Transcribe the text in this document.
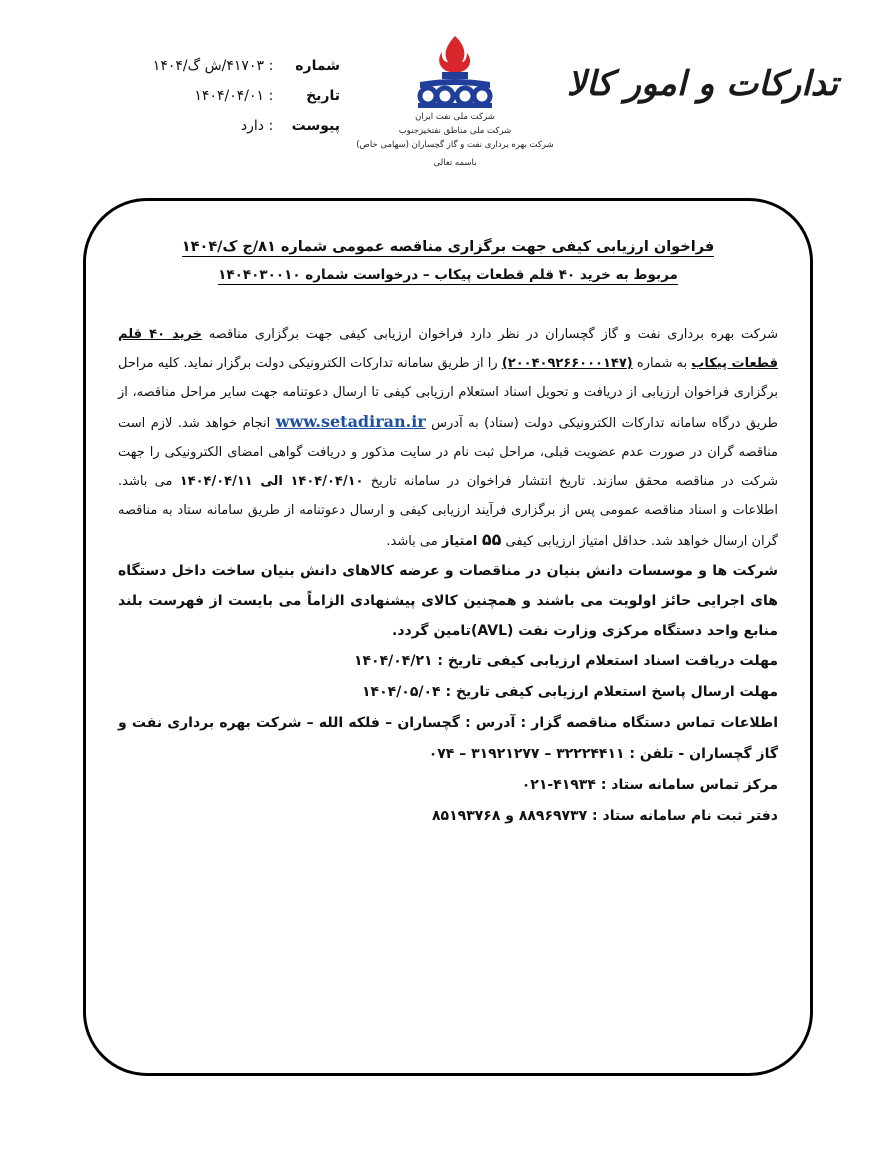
تدارکات و امور کالا
شرکت ملی نفت ایران
شرکت ملی مناطق نفتخیزجنوب
شرکت بهره برداری نفت و گاز گچساران (سهامی خاص)
باسمه تعالی
شماره
:
۴۱۷۰۳/ش گ/۱۴۰۴
تاریخ
:
۱۴۰۴/۰۴/۰۱
پیوست
:
دارد
فراخوان ارزیابی کیفی جهت برگزاری مناقصه عمومی شماره ۸۱/ج ک/۱۴۰۴
مربوط به خرید ۴۰ قلم قطعات پیکاب – درخواست شماره ۱۴۰۴۰۳۰۰۱۰

شرکت بهره برداری نفت و گاز گچساران در نظر دارد فراخوان ارزیابی کیفی جهت برگزاری مناقصه خرید ۴۰ قلم قطعات پیکاب به شماره (۲۰۰۴۰۹۲۶۶۰۰۰۱۴۷) را از طریق سامانه تدارکات الکترونیکی دولت برگزار نماید. کلیه مراحل برگزاری فراخوان ارزیابی از دریافت و تحویل اسناد استعلام ارزیابی کیفی تا ارسال دعوتنامه جهت سایر مراحل مناقصه، از طریق درگاه سامانه تدارکات الکترونیکی دولت (ستاد) به آدرس www.setadiran.ir انجام خواهد شد. لازم است مناقصه گران در صورت عدم عضویت قبلی، مراحل ثبت نام در سایت مذکور و دریافت گواهی امضای الکترونیکی را جهت شرکت در مناقصه محقق سازند. تاریخ انتشار فراخوان در سامانه تاریخ ۱۴۰۴/۰۴/۱۰ الی ۱۴۰۴/۰۴/۱۱ می باشد. اطلاعات و اسناد مناقصه عمومی پس از برگزاری فرآیند ارزیابی کیفی و ارسال دعوتنامه از طریق سامانه ستاد به مناقصه گران ارسال خواهد شد. حداقل امتیاز ارزیابی کیفی ۵۵ امتیاز می باشد.

شرکت ها و موسسات دانش بنیان در مناقصات و عرضه کالاهای دانش بنیان ساخت داخل دستگاه های اجرایی حائز اولویت می باشند و همچنین کالای پیشنهادی الزاماً می بایست از فهرست بلند منابع واحد دستگاه مرکزی وزارت نفت (AVL)تامین گردد.

مهلت دریافت اسناد استعلام ارزیابی کیفی تاریخ : ۱۴۰۴/۰۴/۲۱

مهلت ارسال پاسخ استعلام ارزیابی کیفی تاریخ : ۱۴۰۴/۰۵/۰۴

اطلاعات تماس دستگاه مناقصه گزار : آدرس : گچساران – فلکه الله – شرکت بهره برداری نفت و گاز گچساران - تلفن : ۳۲۲۲۴۴۱۱ – ۳۱۹۲۱۲۷۷ – ۰۷۴

مرکز تماس سامانه ستاد : ۴۱۹۳۴-۰۲۱

دفتر ثبت نام سامانه ستاد : ۸۸۹۶۹۷۳۷ و ۸۵۱۹۳۷۶۸
